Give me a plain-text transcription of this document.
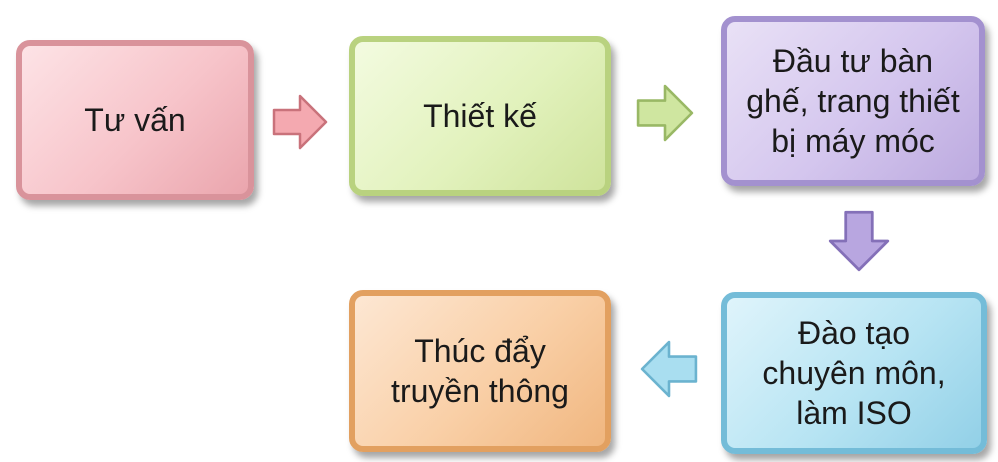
Tư vấn	Thiết kế
Đầu tư bàn
ghế, trang thiết
bị máy móc
Đào tạo
chuyên môn,
làm ISO
Thúc đẩy
truyền thông
